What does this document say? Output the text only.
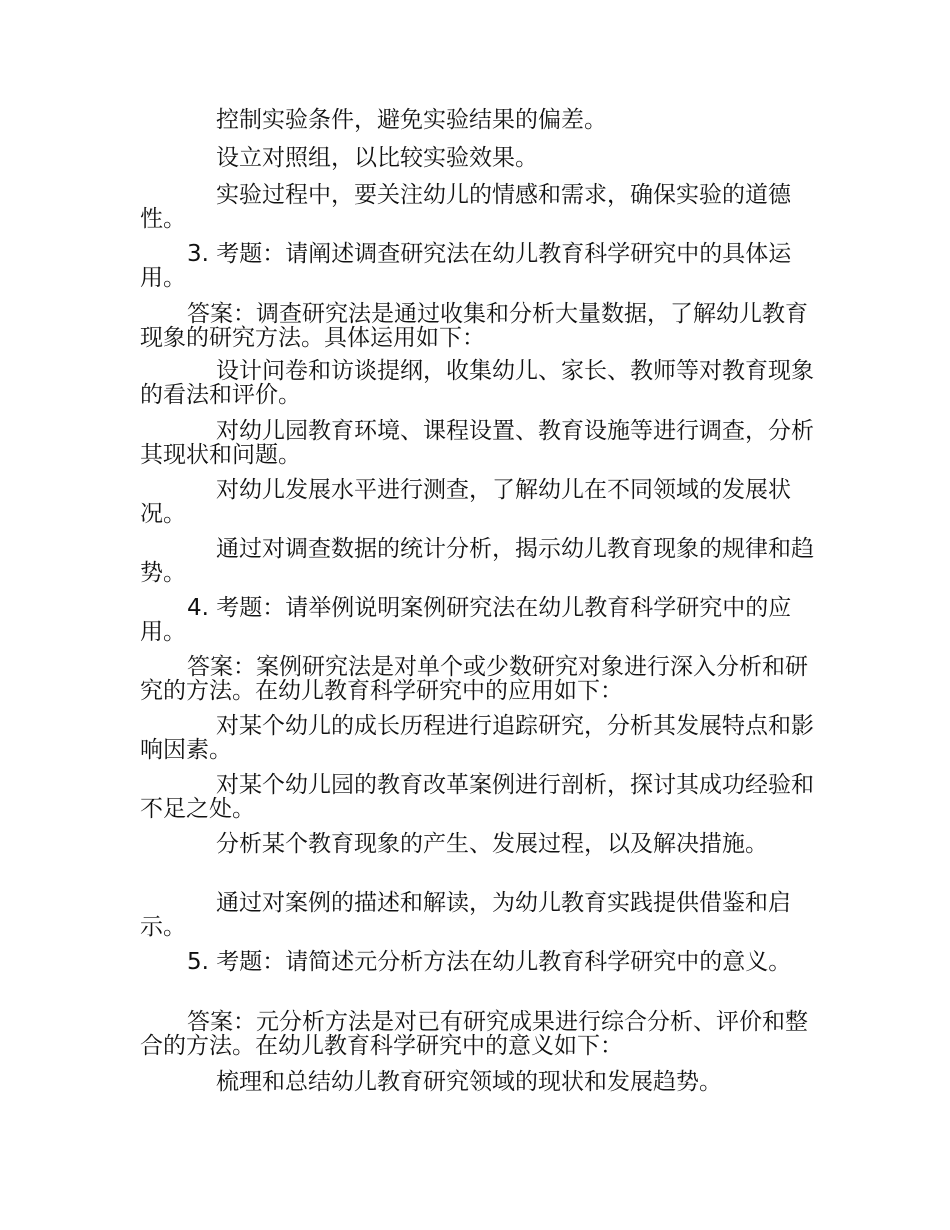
控制实验条件，避免实验结果的偏差。

设立对照组，以比较实验效果。

实验过程中，要关注幼儿的情感和需求，确保实验的道德性。

3. 考题：请阐述调查研究法在幼儿教育科学研究中的具体运用。

答案：调查研究法是通过收集和分析大量数据，了解幼儿教育现象的研究方法。具体运用如下：

设计问卷和访谈提纲，收集幼儿、家长、教师等对教育现象的看法和评价。

对幼儿园教育环境、课程设置、教育设施等进行调查，分析其现状和问题。

对幼儿发展水平进行测查，了解幼儿在不同领域的发展状况。

通过对调查数据的统计分析，揭示幼儿教育现象的规律和趋势。

4. 考题：请举例说明案例研究法在幼儿教育科学研究中的应用。

答案：案例研究法是对单个或少数研究对象进行深入分析和研究的方法。在幼儿教育科学研究中的应用如下：

对某个幼儿的成长历程进行追踪研究，分析其发展特点和影响因素。

对某个幼儿园的教育改革案例进行剖析，探讨其成功经验和不足之处。

分析某个教育现象的产生、发展过程，以及解决措施。

通过对案例的描述和解读，为幼儿教育实践提供借鉴和启示。

5. 考题：请简述元分析方法在幼儿教育科学研究中的意义。

答案：元分析方法是对已有研究成果进行综合分析、评价和整合的方法。在幼儿教育科学研究中的意义如下：

梳理和总结幼儿教育研究领域的现状和发展趋势。
